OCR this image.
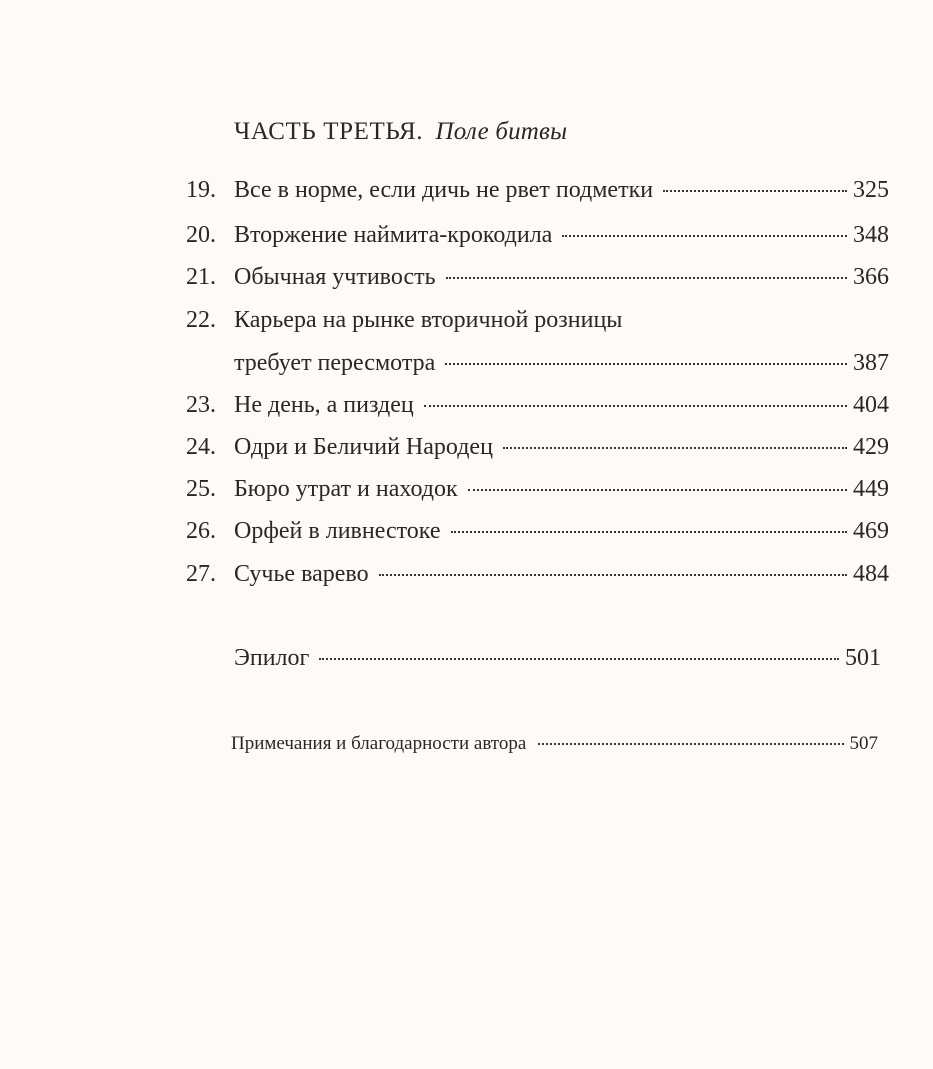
ЧАСТЬ ТРЕТЬЯ. Поле битвы
19. Все в норме, если дичь не рвет подметки	325
20. Вторжение наймита-крокодила	348
21. Обычная учтивость	366
22. Карьера на рынке вторичной розницы
требует пересмотра	387
23. Не день, а пиздец	404
24. Одри и Беличий Народец	429
25. Бюро утрат и находок	449
26. Орфей в ливнестоке	469
27. Сучье варево	484
Эпилог	501
Примечания и благодарности автора	507
